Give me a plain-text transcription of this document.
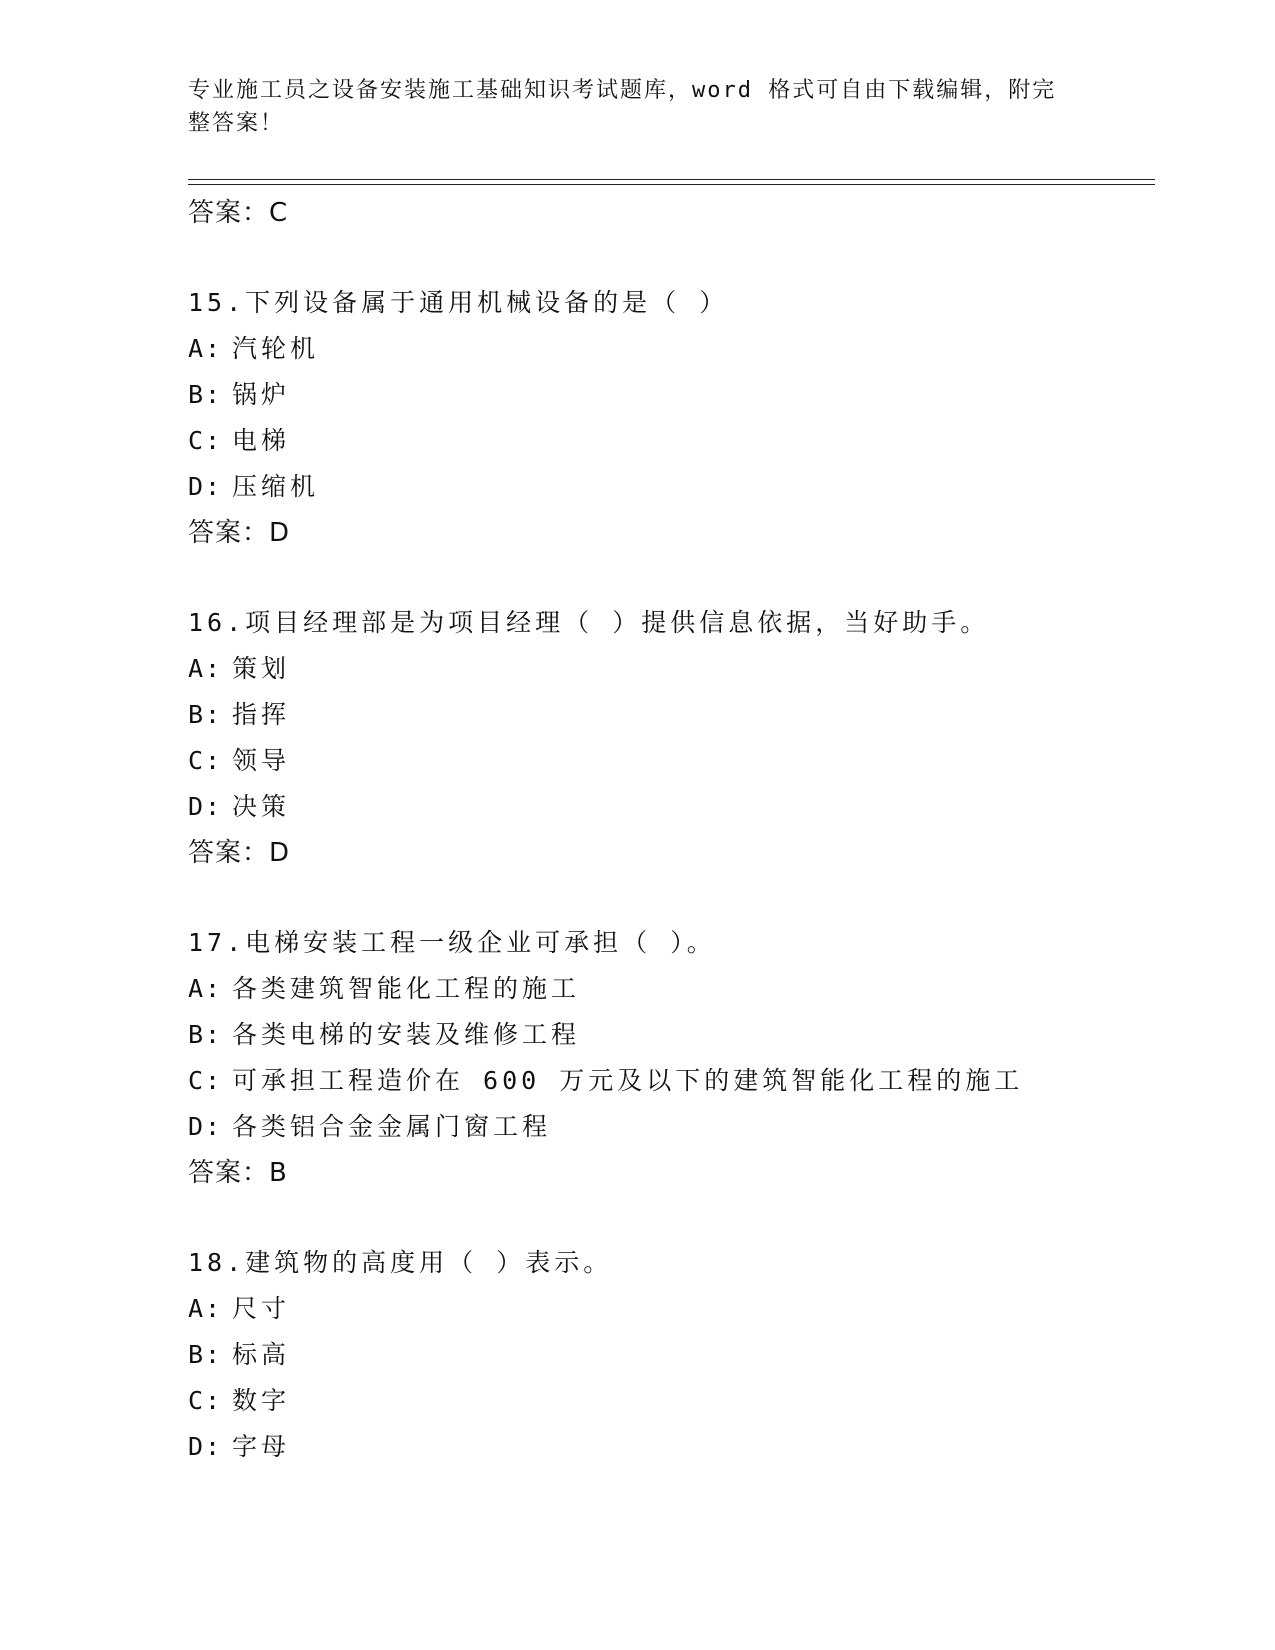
专业施工员之设备安装施工基础知识考试题库，word 格式可自由下载编辑，附完
整答案！
答案：C
15.下列设备属于通用机械设备的是（ ）
A: 汽轮机
B: 锅炉
C: 电梯
D: 压缩机
答案：D
16.项目经理部是为项目经理（ ）提供信息依据，当好助手。
A: 策划
B: 指挥
C: 领导
D: 决策
答案：D
17.电梯安装工程一级企业可承担（ ）。
A: 各类建筑智能化工程的施工
B: 各类电梯的安装及维修工程
C: 可承担工程造价在 600 万元及以下的建筑智能化工程的施工
D: 各类铝合金金属门窗工程
答案：B
18.建筑物的高度用（ ）表示。
A: 尺寸
B: 标高
C: 数字
D: 字母
